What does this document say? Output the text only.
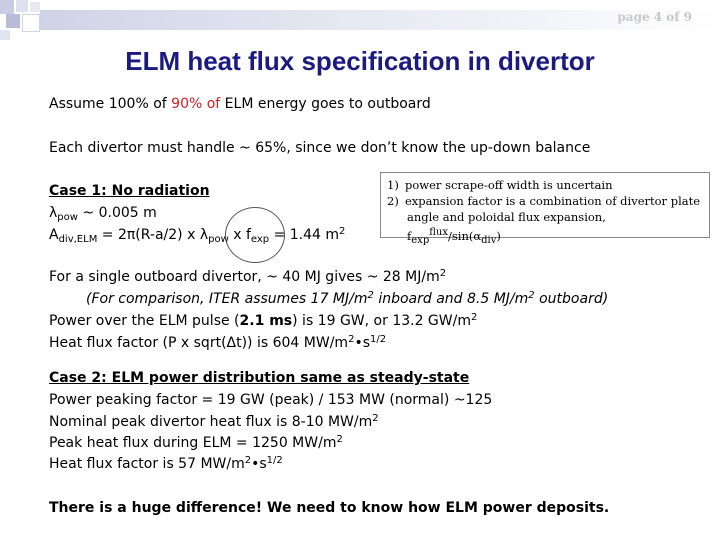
page 4 of 9
ELM heat flux specification in divertor
Assume 100% of 90% of ELM energy goes to outboard
Each divertor must handle ~ 65%, since we don’t know the up-down balance
Case 1: No radiation
$\lambda_{pow}$ ~ 0.005 m
$A_{div,ELM} = 2\pi(R-a/2)$ x $\lambda_{pow}$ x $f_{exp} = 1.44$ $m^2$
1) power scrape-off width is uncertain
2) expansion factor is a combination of divertor plate
angle and poloidal flux expansion, $f_{exp}^{flux}/\sin(\alpha_{div})$
For a single outboard divertor, ~ 40 MJ gives ~ 28 $MJ/m^2$
(For comparison, ITER assumes 17 $MJ/m^2$ inboard and 8.5 $MJ/m^2$ outboard)
Power over the ELM pulse (2.1 ms) is 19 GW, or 13.2 $GW/m^2$
Heat flux factor (P x sqrt(Δt)) is 604 $MW/m^2•s^{1/2}$
Case 2: ELM power distribution same as steady-state
Power peaking factor = 19 GW (peak) / 153 MW (normal) ~125
Nominal peak divertor heat flux is 8-10 $MW/m^2$
Peak heat flux during ELM = 1250 $MW/m^2$
Heat flux factor is 57 $MW/m^2•s^{1/2}$
There is a huge difference! We need to know how ELM power deposits.
